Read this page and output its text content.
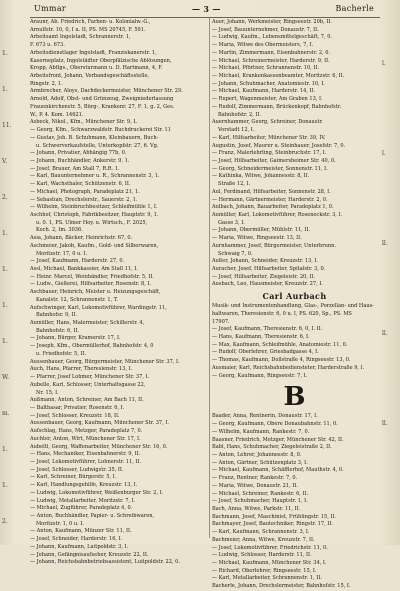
Ummar	— 3 —	Bacherle
1.
1.
11.
V.
2.
1.
1.
1.
1.
W.
m.
1.
1.
2.
l.
l.
ll.
ll.
ll.
Araunr, Ab. Friedrich, Farben- u. Kolonialw.-G.,
Arnulfstr. 10, 0, I u. II, PS. MS 20745, F. 591.
Arbeitsamt Ingolstadt, Schrannerstr. 1,
F. 673 u. 673.
Arbeitsdienstlager Ingolstadt, Franziskanerstr. 1,
Kaserneplatz, Ingolstädter Oberpfälzische Ablösungen,
Kropp, Abtlgs., Obersturmann u. D. Hartmann, 4, F.
Arbeitsfront, Johann, Verbandsgeschäftsstelle,
Ringstr. 2, 1.
Armbrecher, Aloys, Dachdeckermeister, Münchener Str. 29.
Arnold, Adolf, Obst- und Grünzeug, Zweigniederlassung
Frauenkirchenstr. 5, Bürg-, Krankenr. 27, F. 1, g. 2, Ges.
W., P. 4. Kom. 14621.
Asbeck, Nikol., Kfm., Münchener Str. 9, L
— Georg, Kfm., Schwarzwaldstr. Buchdruckerei Str. 11
— Gustav, Joh. B. Schuhmann, Kleinbauern, Buch-
u. Schwerverkaufstelle, Unterkopfstr. 27, 6. Vg.
— Johann, Privatier, Abhängig 77b, 0.
— Johann, Buchhändler, Ankerstr. 9, 1.
— Josef, Brauer, Am Stall 7, R.R. 1.
— Karl, Bauunternehmer u. R., Schrannenstr. 3, 1.
— Karl, Wachsthaler, Schützenstr. 6, II.
— Michael, Photograph, Paradeplatz 21, 1.
— Sebastian, Drechslerstr., Sauerstr. 2, 1.
— Wilhelm, Steinbruchbesitzer, Schleifmühle 1, I.
Aschhof, Christoph, Fabrikbesitzer, Hauptstr. 9, 1.
u. 0. 1, PS. Ulmer Hoy. u. Wirtsch., F. 2025,
Koch. 2, Im. 3036.
Asia, Johann, Bäcker, Heinrichstr. 67, 0.
Aschmeier, Jakob, Kaufm., Gold- und Silberwaren,
Moritzstr. 17, 0 u. I.
— Josef, Kaufmann, Harderstr. 27, 0.
Assl, Michael, Bankkassier, Am Stall 11, I.
— Heinr. Marcel, Weinhändler, Friedhofstr. 5, II.
— Ludw., Gießerei, Hilfsarbeiter, Rosenstr. 8, I.
Aschbauer, Heinrich, Meister u. Heizungsgeschäft,
Kanalstr. 12, Schrannenstr. 1, T.
Aufschwinger, Karl, Lokomotivführer, Wardingstr. 11,
Bahnhofsr. 9, II.
Aumüller, Hans, Malermeister, Schillerstr. 4,
Bahnhofstr. 6, II.
— Johann, Bürger, Kramerstr. 17, I.
— Joseph, Kfm., Obermüllerhof, Bahnhofstr. 4, 0
u. Friedhofstr. 5, II.
Aussenbauer, Georg, Bürgermeister, Münchener Str. 37, I.
Auch, Hans, Pfarrer, Theresienstr. 13, I.
— Pfarrer, Josef Lohmer, Münchener Str. 37, I.
Aubelle, Karl, Schlosser, Unterhaltsgasse 22,
Nr. 15, I.
Außmann, Anton, Schreiner, Am Bach 11, II.
— Balthasar, Privatier, Rosenstr. 6, I.
— Josef, Schlosser, Kreuzstr. 18, II.
Aussenbauer, Georg, Kaufmann, Münchener Str. 37, I.
Aufschlag, Hans, Metzger, Paradeplatz 7, 0.
Auchter, Anton, Wirt, Münchener Str. 17, I.
Aubeltl, Georg, Waffenarbeiter, Münchener Str. 16, 0.
— Hans, Mechaniker, Eisenbahnerstr. 9, II.
— Josef, Lokomotivführer, Lohnerstr. 11, II.
— Josef, Schlosser, Ludwigstr. 35, II.
— Karl, Schreiner, Bürgerstr. 5, I.
— Karl, Handlungsgehilfe, Kreuzstr. 13, I.
— Ludwig, Lokomotivführer, Weißenburger Str. 2, I.
— Ludwig, Metallarbeiter, Moritzstr. 7, I.
— Michael, Zugführer, Paradeplatz 4, 0.
— Anton, Buchhändler, Papier- u. Schreibwaren,
Moritzstr. 1, 0 u. I.
— Anton, Kaufmann, Münzer Str. 11, II.
— Josef, Schneider, Harderstr. 16, I.
— Johann, Kaufmann, Luitpoldstr. 3, I.
— Johann, Gefängnisaufseher, Kreuzstr. 22, II.
— Johann, Reichsbahnbetriebsassistent, Luitpoldstr. 22, 0.
Auer, Johann, Werkmeister, Ringseestr. 20b, II.
— Josef, Bauunternehmer, Donaustr. 7, II.
— Ludwig, Kaufm., Lebensmittelgeschäft, 7, 0.
— Maria, Witwe des Obermeisters, 7, I.
— Martin, Zimmermann, Eisenbahnerstr. 2, 0.
— Michael, Schreinermeister, Harderstr. 9, II.
— Michael, Pförtner, Schrannenstr. 10, II.
— Michael, Krankenkassenbeamter, Moritzstr. 6, II.
— Johann, Schuhmacher, Anatomiestr. 10, I.
— Michael, Kaufmann, Harderstr. 14, II.
— Rupert, Wagenmeister, Am Graben 13, I.
— Rudolf, Zimmermann, Brückenkopf, Bahnhofstr.
Bahnhofstr. 2, II.
Auernhammer, Georg, Schreiner, Donaustr.
Vorstadt 12, I.
— Karl, Hilfsarbeiter, Münchener Str. 39, IV.
Augustin, Josef, Maurer u. Steinhauer, Josefstr. 7, 0.
— Franz, Malerlehrling, Steinbruchstr. 17, I.
— Josef, Hilfsarbeiter, Gaimersheimer Str. 40, 0.
— Georg, Schneidermeister, Sonnenstr. 11, I.
— Kathinka, Witwe, Johannesstr. 8, II.
Straße 12, I.
Aul, Ferdinand, Hilfsarbeiter, Sonnenstr. 28, I.
— Hermann, Gärtnermeister, Harderstr. 2, 0.
Aulbach, Johann, Bauarbeiter, Paradeplatz 1, 0.
Aumüller, Karl, Lokomotivführer, Roseneckstr. 3, I.
Gasse 3, I.
— Johann, Obermüller, Mühlstr. 11, II.
— Maria, Witwe, Ringseestr. 13, II.
Aurnhammer, Josef, Bürgermeister, Unterbrunn.
Schwaig 7, 0.
Außer, Johann, Schneider, Kreuzstr. 13, I.
Auracher, Josef, Hilfsarbeiter, Spitalstr. 3, 0.
— Josef, Hilfsarbeiter, Ziegeleistr. 20, II.
Ausbach, Leo, Hausmeister, Kreuzstr. 27, I.
Carl Aurbach
Musik- und Instrumentenhandlung, Glas-, Porzellan- und Haus-
haltwaren, Theresienstr. 6, 0 u. I, PS. 620, Sp., PS. MS
17907.
— Josef, Kaufmann, Theresienstr. 6, 0, I. II.
— Hans, Kaufmann, Theresienstr. 6, I.
— Max, Kaufmann, Schleifmühle, Anatomiestr. 11, 0.
— Rudolf, Oberlehrer, Griesbadgasse 4, I.
— Thomas, Kaufmann, Dollstraße 4, Ringseestr. 13, 0.
Ausmaier, Karl, Reichsbahnbediensteter, Harderstraße 9, I.
— Georg, Kaufmann, Ringseestr. 7, I.
B
Baader, Anna, Rentnerin, Donaustr. 17, I.
— Georg, Kaufmann, Obere Donaubahnstr. 11, 0.
— Wilhelm, Kaufmann, Rankestr. 7, 0.
Baasner, Friedrich, Metzger, Münchener Str. 42, II.
Babl, Hans, Schuhmacher, Ziegeleistraße 2, II.
— Anton, Lehrer, Johannesstr. 8, 0.
— Anton, Gärtner, Schützenplatz 3, I.
— Michael, Kaufmann, Schäfflerhof, Mauthstr. 4, 0.
— Franz, Rentner, Rankestr. 7, 0.
— Maria, Witwe, Donaustr. 21, II.
— Michael, Schreiner, Rankestr. 6, II.
— Josef, Schuhmacher, Hauptstr. 1, I.
Bach, Anna, Witwe, Parkstr. 11, II.
Bachmann, Josef, Maschinist, Frühlingstr. 15, II.
Bachmayer, Josef, Bautechniker, Ringstr. 17, II.
— Karl, Kaufmann, Schrannenstr. 3, I.
Bachmeier, Anna, Witwe, Kreuzstr. 7, II.
— Josef, Lokomotivführer, Friedrichstr. 11, 0.
— Ludwig, Schlosser, Harderstr. 11, II.
— Michael, Kaufmann, Münchener Str. 34, I.
— Richard, Oberlehrer, Ringseestr. 15, I.
— Karl, Metallarbeiter, Schrannenstr. 1, II.
Bacherle, Johann, Drechslermeister, Bahnhofstr. 15, I.
